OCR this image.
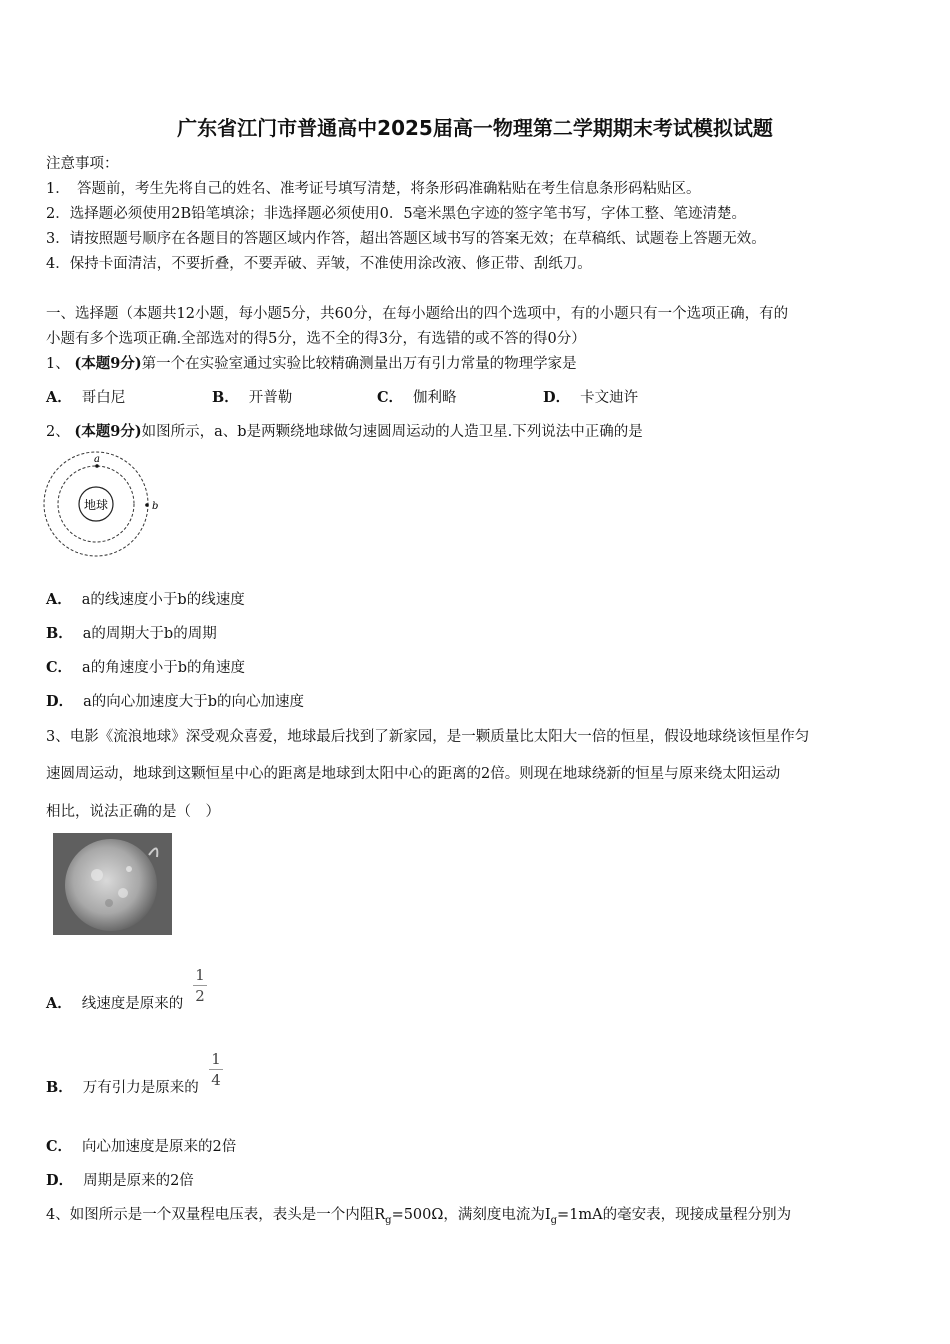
广东省江门市普通高中2025届高一物理第二学期期末考试模拟试题
注意事项：
1．　答题前，考生先将自己的姓名、准考证号填写清楚，将条形码准确粘贴在考生信息条形码粘贴区。
2．选择题必须使用2B铅笔填涂；非选择题必须使用0．5毫米黑色字迹的签字笔书写，字体工整、笔迹清楚。
3．请按照题号顺序在各题目的答题区域内作答，超出答题区域书写的答案无效；在草稿纸、试题卷上答题无效。
4．保持卡面清洁，不要折叠，不要弄破、弄皱，不准使用涂改液、修正带、刮纸刀。
一、选择题（本题共12小题，每小题5分，共60分，在每小题给出的四个选项中，有的小题只有一个选项正确，有的
小题有多个选项正确.全部选对的得5分，选不全的得3分，有选错的或不答的得0分）
1、 (本题9分)第一个在实验室通过实验比较精确测量出万有引力常量的物理学家是
A． 哥白尼	B． 开普勒	C． 伽利略	D． 卡文迪许
2、 (本题9分)如图所示，a、b是两颗绕地球做匀速圆周运动的人造卫星.下列说法中正确的是
地球
a
b
A． a的线速度小于b的线速度
B． a的周期大于b的周期
C． a的角速度小于b的角速度
D． a的向心加速度大于b的向心加速度
3、电影《流浪地球》深受观众喜爱，地球最后找到了新家园，是一颗质量比太阳大一倍的恒星，假设地球绕该恒星作匀
速圆周运动，地球到这颗恒星中心的距离是地球到太阳中心的距离的2倍。则现在地球绕新的恒星与原来绕太阳运动
相比，说法正确的是（　）
A． 线速度是原来的
1
2
B． 万有引力是原来的
1
4
C． 向心加速度是原来的2倍
D． 周期是原来的2倍
4、如图所示是一个双量程电压表，表头是一个内阻$R_g=500\Omega$，满刻度电流为$I_g=1mA$的毫安表，现接成量程分别为
